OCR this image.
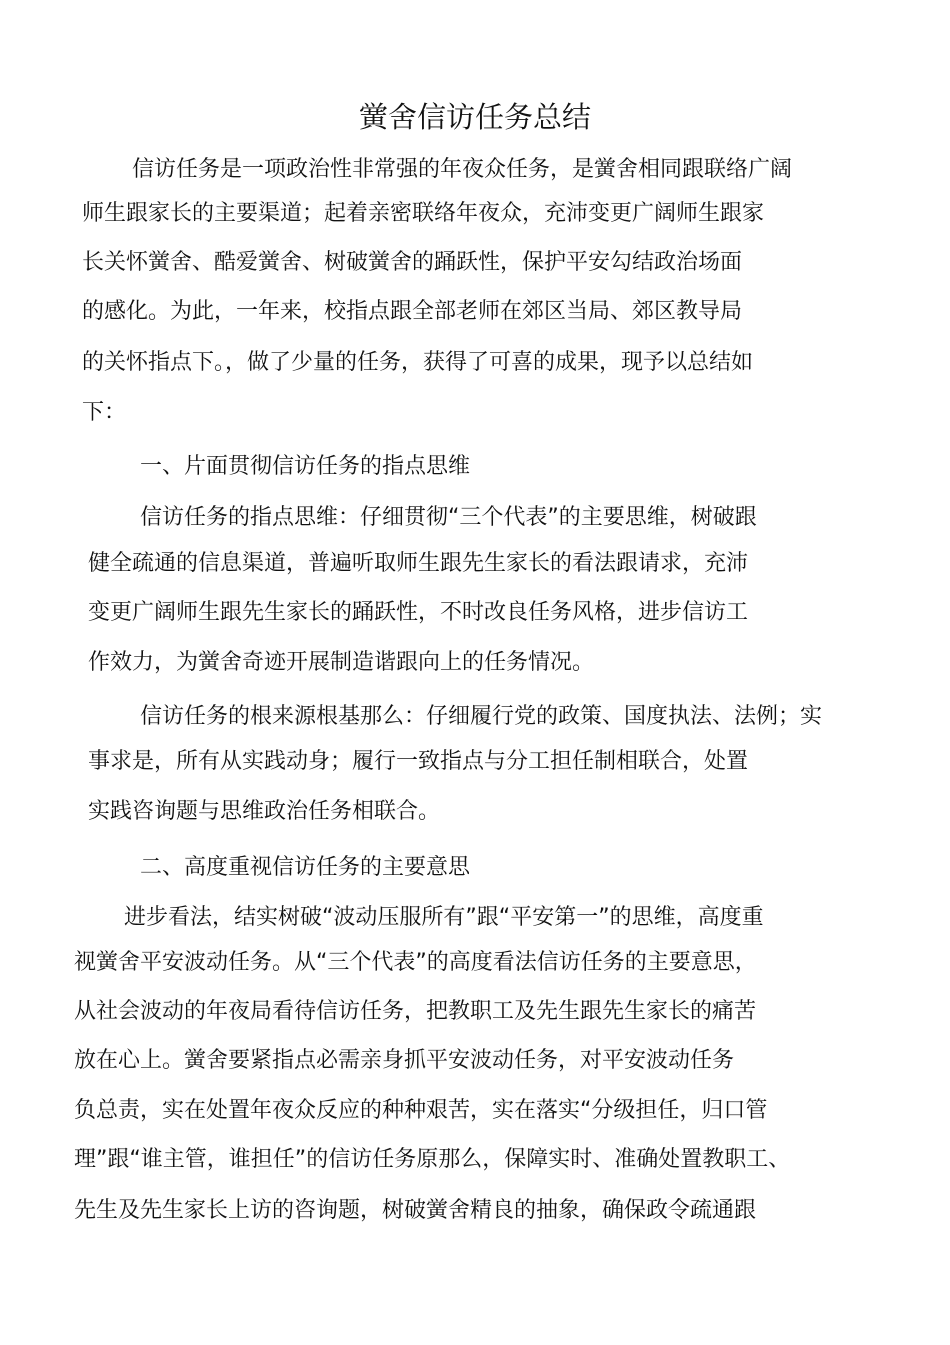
黉舍信访任务总结
信访任务是一项政治性非常强的年夜众任务，是黉舍相同跟联络广阔
师生跟家长的主要渠道；起着亲密联络年夜众，充沛变更广阔师生跟家
长关怀黉舍、酷爱黉舍、树破黉舍的踊跃性，保护平安勾结政治场面
的感化。为此，一年来，校指点跟全部老师在郊区当局、郊区教导局
的关怀指点下。，做了少量的任务，获得了可喜的成果，现予以总结如
下：
一、片面贯彻信访任务的指点思维
信访任务的指点思维：仔细贯彻“三个代表”的主要思维，树破跟
健全疏通的信息渠道，普遍听取师生跟先生家长的看法跟请求，充沛
变更广阔师生跟先生家长的踊跃性，不时改良任务风格，进步信访工
作效力，为黉舍奇迹开展制造谐跟向上的任务情况。
信访任务的根来源根基那么：仔细履行党的政策、国度执法、法例；实
事求是，所有从实践动身；履行一致指点与分工担任制相联合，处置
实践咨询题与思维政治任务相联合。
二、高度重视信访任务的主要意思
进步看法，结实树破“波动压服所有”跟“平安第一”的思维，高度重
视黉舍平安波动任务。从“三个代表”的高度看法信访任务的主要意思，
从社会波动的年夜局看待信访任务，把教职工及先生跟先生家长的痛苦
放在心上。黉舍要紧指点必需亲身抓平安波动任务，对平安波动任务
负总责，实在处置年夜众反应的种种艰苦，实在落实“分级担任，归口管
理”跟“谁主管，谁担任”的信访任务原那么，保障实时、准确处置教职工、
先生及先生家长上访的咨询题，树破黉舍精良的抽象，确保政令疏通跟
